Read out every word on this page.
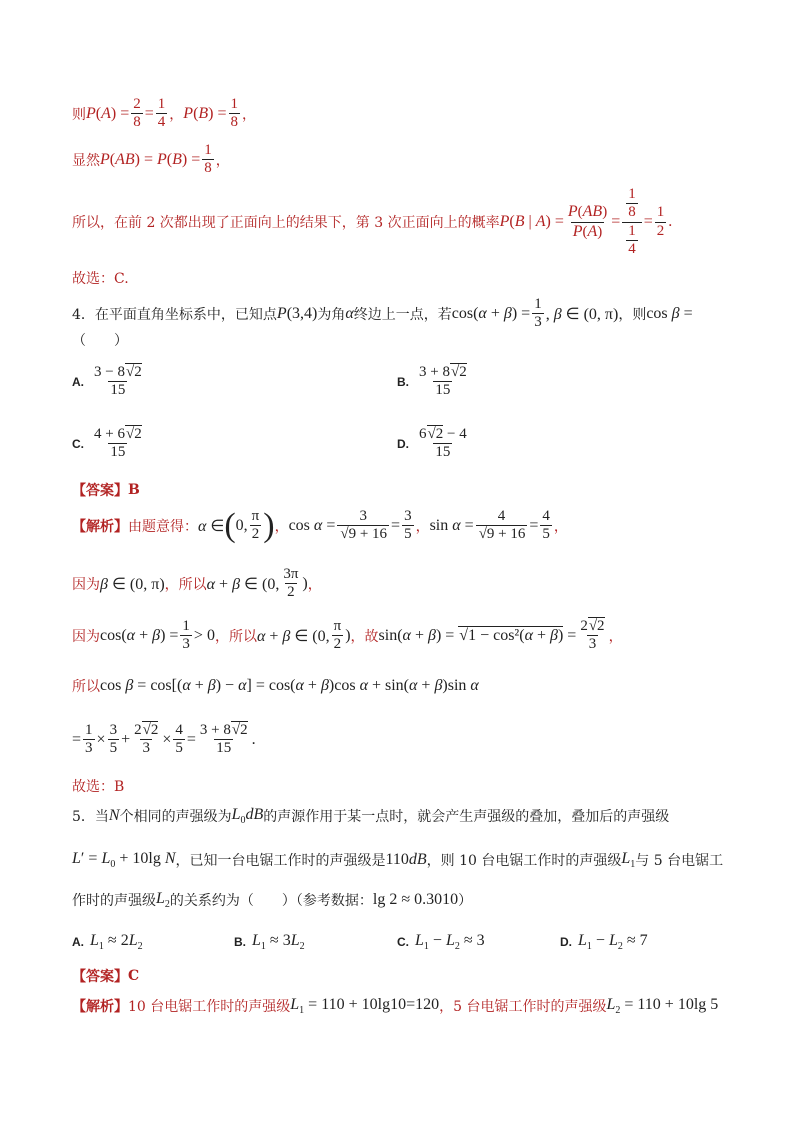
则 $P(A) = \frac{2}{8} = \frac{1}{4}$ ， $P(B) = \frac{1}{8}$ ，
显然 $P(AB) = P(B) = \frac{1}{8}$ ，
所以，在前 2 次都出现了正面向上的结果下，第 3 次正面向上的概率 P(B | $A) = \frac{P(AB)}{P(A)} = \frac{\frac{1}{8}}{\frac{1}{4}} = \frac{1}{2}$ .
故选：C.
4．在平面直角坐标系中，已知点 P(3,4) 为角 α 终边上一点，若 $\cos(\alpha + \beta) = \frac{1}{3}$ , β ∈ (0, π) ，则 cos β =
（　　）
A. $\frac{3 - 8√2}{15}$	B. $\frac{3 + 8√2}{15}$
C. $\frac{4 + 6√2}{15}$	D. $\frac{6√2 - 4}{15}$
【答案】 B
【解析】 由题意得： α ∈ ( 0, $\frac{\pi}{2}$ ) ， $\cos \alpha = \frac{3}{√9 + 16} = \frac{3}{5}$ ， $\sin \alpha = \frac{4}{√9 + 16} = \frac{4}{5}$ ，
因为 β ∈ (0, π) ，所以 α + β ∈ (0, $\frac{3\pi}{2}$ ) ，
因为 $\cos(\alpha + \beta) = \frac{1}{3} > 0$ ，所以 α + β ∈ (0, $\frac{\pi}{2}$ ) ，故 $\sin(\alpha + \beta) = √1 - \cos^2(\alpha + \beta) = \frac{2√2}{3}$ ，
所以 cos β = cos[(α + β) − α] = cos(α + β)cos α + sin(α + β)sin α
= $\frac{1}{3} \times \frac{3}{5} + \frac{2√2}{3} \times \frac{4}{5} = \frac{3 + 8√2}{15}$ .
故选：B
5．当 N 个相同的声强级为 $L_0dB$ 的声源作用于某一点时，就会产生声强级的叠加，叠加后的声强级
$L' = L_0 + 10\lg$ N ，已知一台电锯工作时的声强级是 110dB ，则 10 台电锯工作时的声强级 $L_1$ 与 5 台电锯工
作时的声强级 $L_2$ 的关系约为（　　）（参考数据： lg 2 ≈ 0.3010 ）
A. $L_1 \approx 2L_2$	B. $L_1 \approx 3L_2$	C. $L_1 - L_2 \approx 3$	D. $L_1 - L_2 \approx 7$
【答案】 C
【解析】 10 台电锯工作时的声强级 $L_1 = 110 + 10\lg 10=120$ ，5 台电锯工作时的声强级 $L_2 = 110 + 10\lg$ 5
